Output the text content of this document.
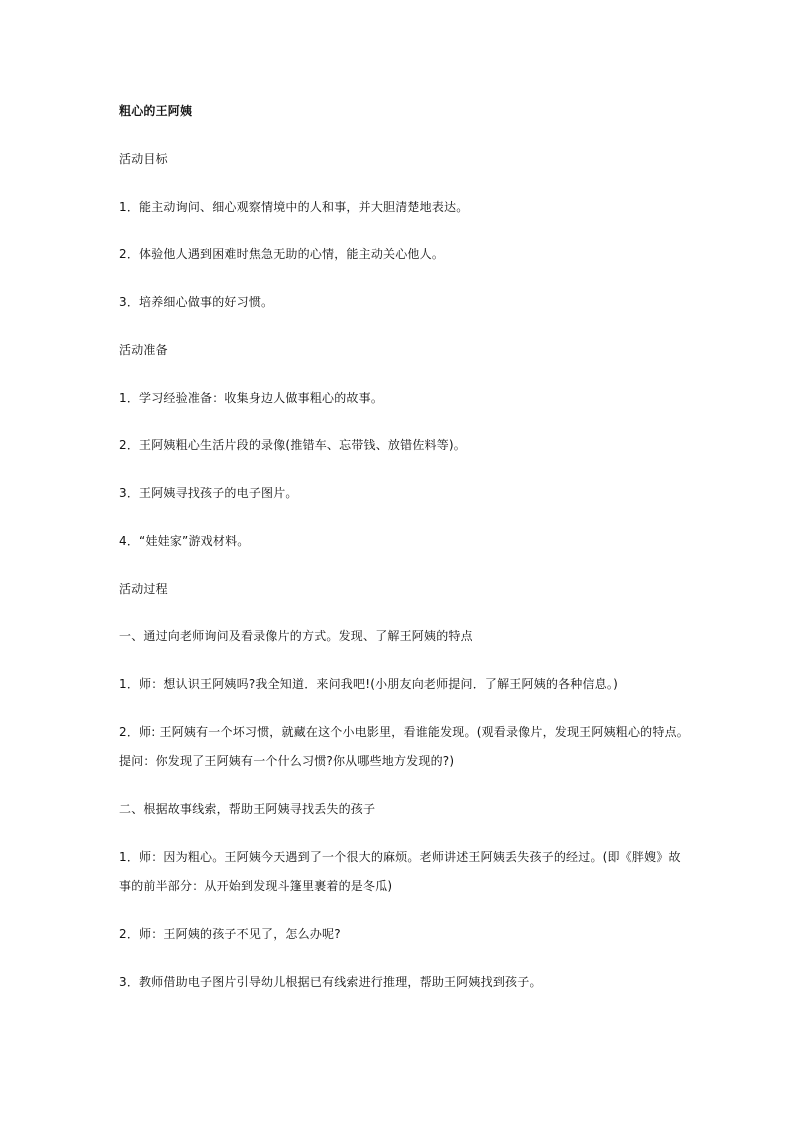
粗心的王阿姨
活动目标
1．能主动询问、细心观察情境中的人和事，并大胆清楚地表达。
2．体验他人遇到困难时焦急无助的心情，能主动关心他人。
3．培养细心做事的好习惯。
活动准备
1．学习经验准备：收集身边人做事粗心的故事。
2．王阿姨粗心生活片段的录像(推错车、忘带钱、放错佐料等)。
3．王阿姨寻找孩子的电子图片。
4．“娃娃家”游戏材料。
活动过程
一、通过向老师询问及看录像片的方式。发现、了解王阿姨的特点
1．师：想认识王阿姨吗?我全知道．来问我吧!(小朋友向老师提问．了解王阿姨的各种信息。)
2．师: 王阿姨有一个坏习惯，就藏在这个小电影里，看谁能发现。(观看录像片，发现王阿姨粗心的特点。
提问：你发现了王阿姨有一个什么习惯?你从哪些地方发现的?)
二、根据故事线索，帮助王阿姨寻找丢失的孩子
1．师：因为粗心。王阿姨今天遇到了一个很大的麻烦。老师讲述王阿姨丢失孩子的经过。(即《胖嫂》故
事的前半部分：从开始到发现斗篷里裹着的是冬瓜)
2．师：王阿姨的孩子不见了，怎么办呢?
3．教师借助电子图片引导幼儿根据已有线索进行推理，帮助王阿姨找到孩子。
